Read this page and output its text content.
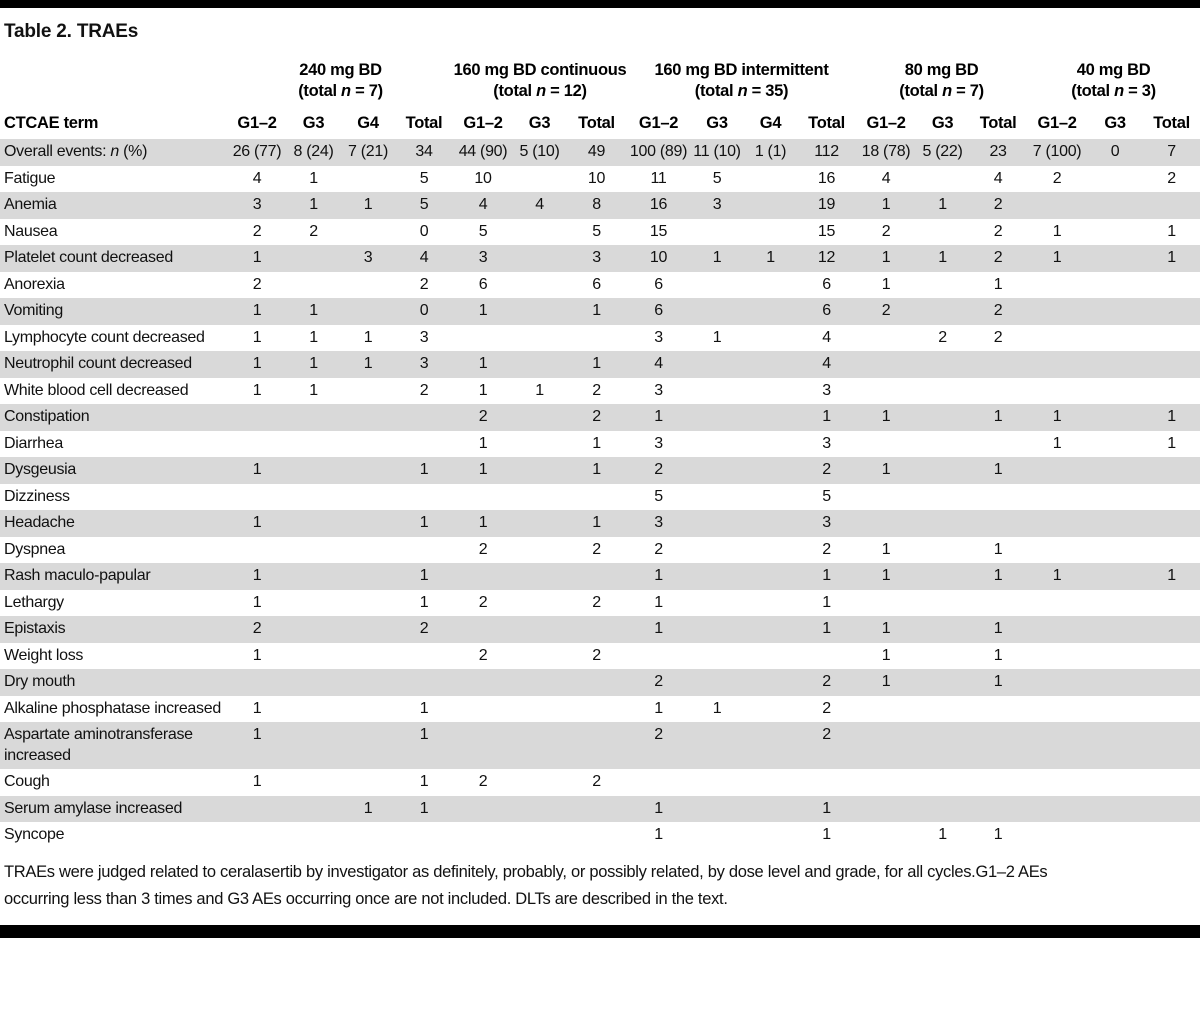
Table 2. TRAEs

240 mg BD
(total n = 7)

160 mg BD continuous
(total n = 12)

160 mg BD intermittent
(total n = 35)

80 mg BD
(total n = 7)

40 mg BD
(total n = 3)

CTCAE term	G1–2	G3	G4	Total	G1–2	G3	Total	G1–2	G3	G4	Total	G1–2	G3	Total	G1–2	G3	Total
Overall events: n (%)	26 (77)	8 (24)	7 (21)	34	44 (90)	5 (10)	49	100 (89)	11 (10)	1 (1)	112	18 (78)	5 (22)	23	7 (100)	0	7
Fatigue	4	1		5	10		10	11	5		16	4		4	2		2
Anemia	3	1	1	5	4	4	8	16	3		19	1	1	2			
Nausea	2	2		0	5		5	15			15	2		2	1		1
Platelet count decreased	1		3	4	3		3	10	1	1	12	1	1	2	1		1
Anorexia	2			2	6		6	6			6	1		1			
Vomiting	1	1		0	1		1	6			6	2		2			
Lymphocyte count decreased	1	1	1	3				3	1		4		2	2			
Neutrophil count decreased	1	1	1	3	1		1	4			4						
White blood cell decreased	1	1		2	1	1	2	3			3						
Constipation					2		2	1			1	1		1	1		1
Diarrhea					1		1	3			3				1		1
Dysgeusia	1			1	1		1	2			2	1		1			
Dizziness								5			5						
Headache	1			1	1		1	3			3						
Dyspnea					2		2	2			2	1		1			
Rash maculo-papular	1			1				1			1	1		1	1		1
Lethargy	1			1	2		2	1			1						
Epistaxis	2			2				1			1	1		1			
Weight loss	1				2		2					1		1			
Dry mouth								2			2	1		1			
Alkaline phosphatase increased	1			1				1	1		2						
Aspartate aminotransferase increased	1			1				2			2						
Cough	1			1	2		2										
Serum amylase increased			1	1				1			1						
Syncope								1			1		1	1			
TRAEs were judged related to ceralasertib by investigator as definitely, probably, or possibly related, by dose level and grade, for all cycles.G1–2 AEs
occurring less than 3 times and G3 AEs occurring once are not included. DLTs are described in the text.
